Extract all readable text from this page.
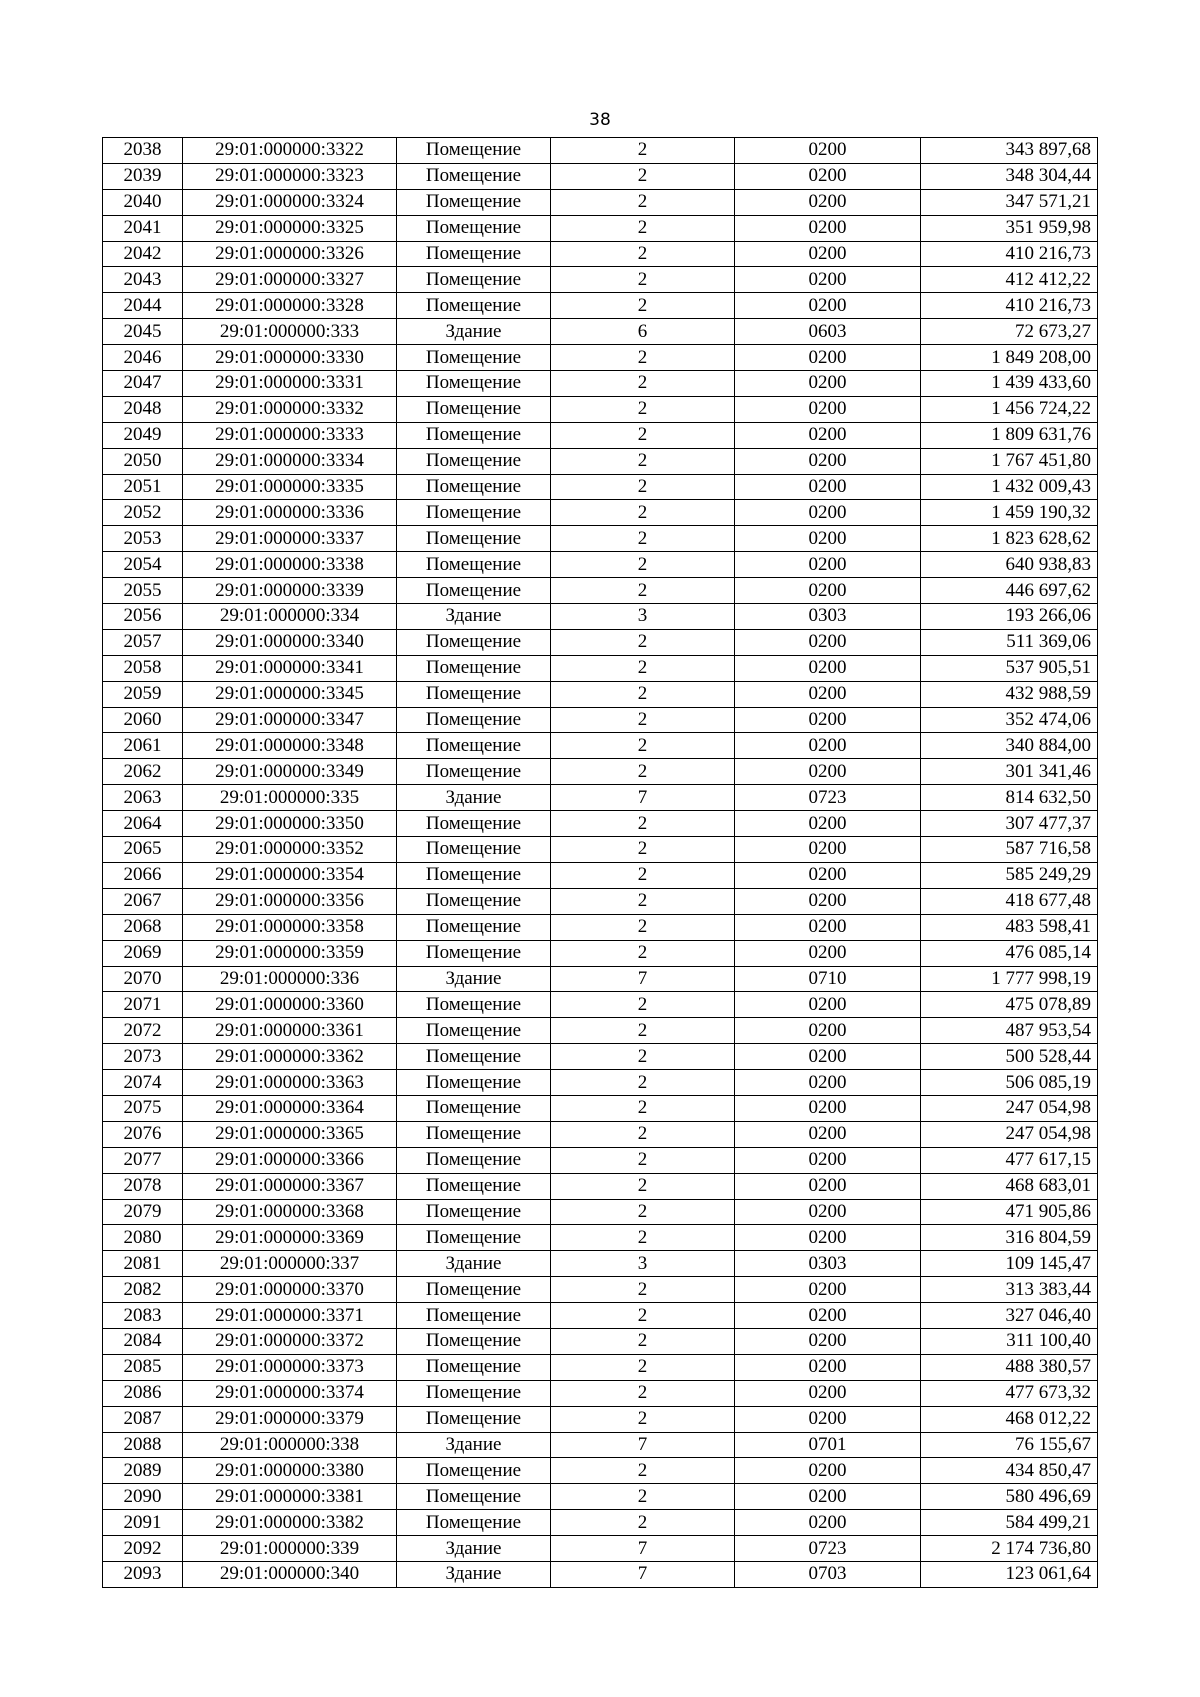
38
2038	29:01:000000:3322	Помещение	2	0200	343 897,68
2039	29:01:000000:3323	Помещение	2	0200	348 304,44
2040	29:01:000000:3324	Помещение	2	0200	347 571,21
2041	29:01:000000:3325	Помещение	2	0200	351 959,98
2042	29:01:000000:3326	Помещение	2	0200	410 216,73
2043	29:01:000000:3327	Помещение	2	0200	412 412,22
2044	29:01:000000:3328	Помещение	2	0200	410 216,73
2045	29:01:000000:333	Здание	6	0603	72 673,27
2046	29:01:000000:3330	Помещение	2	0200	1 849 208,00
2047	29:01:000000:3331	Помещение	2	0200	1 439 433,60
2048	29:01:000000:3332	Помещение	2	0200	1 456 724,22
2049	29:01:000000:3333	Помещение	2	0200	1 809 631,76
2050	29:01:000000:3334	Помещение	2	0200	1 767 451,80
2051	29:01:000000:3335	Помещение	2	0200	1 432 009,43
2052	29:01:000000:3336	Помещение	2	0200	1 459 190,32
2053	29:01:000000:3337	Помещение	2	0200	1 823 628,62
2054	29:01:000000:3338	Помещение	2	0200	640 938,83
2055	29:01:000000:3339	Помещение	2	0200	446 697,62
2056	29:01:000000:334	Здание	3	0303	193 266,06
2057	29:01:000000:3340	Помещение	2	0200	511 369,06
2058	29:01:000000:3341	Помещение	2	0200	537 905,51
2059	29:01:000000:3345	Помещение	2	0200	432 988,59
2060	29:01:000000:3347	Помещение	2	0200	352 474,06
2061	29:01:000000:3348	Помещение	2	0200	340 884,00
2062	29:01:000000:3349	Помещение	2	0200	301 341,46
2063	29:01:000000:335	Здание	7	0723	814 632,50
2064	29:01:000000:3350	Помещение	2	0200	307 477,37
2065	29:01:000000:3352	Помещение	2	0200	587 716,58
2066	29:01:000000:3354	Помещение	2	0200	585 249,29
2067	29:01:000000:3356	Помещение	2	0200	418 677,48
2068	29:01:000000:3358	Помещение	2	0200	483 598,41
2069	29:01:000000:3359	Помещение	2	0200	476 085,14
2070	29:01:000000:336	Здание	7	0710	1 777 998,19
2071	29:01:000000:3360	Помещение	2	0200	475 078,89
2072	29:01:000000:3361	Помещение	2	0200	487 953,54
2073	29:01:000000:3362	Помещение	2	0200	500 528,44
2074	29:01:000000:3363	Помещение	2	0200	506 085,19
2075	29:01:000000:3364	Помещение	2	0200	247 054,98
2076	29:01:000000:3365	Помещение	2	0200	247 054,98
2077	29:01:000000:3366	Помещение	2	0200	477 617,15
2078	29:01:000000:3367	Помещение	2	0200	468 683,01
2079	29:01:000000:3368	Помещение	2	0200	471 905,86
2080	29:01:000000:3369	Помещение	2	0200	316 804,59
2081	29:01:000000:337	Здание	3	0303	109 145,47
2082	29:01:000000:3370	Помещение	2	0200	313 383,44
2083	29:01:000000:3371	Помещение	2	0200	327 046,40
2084	29:01:000000:3372	Помещение	2	0200	311 100,40
2085	29:01:000000:3373	Помещение	2	0200	488 380,57
2086	29:01:000000:3374	Помещение	2	0200	477 673,32
2087	29:01:000000:3379	Помещение	2	0200	468 012,22
2088	29:01:000000:338	Здание	7	0701	76 155,67
2089	29:01:000000:3380	Помещение	2	0200	434 850,47
2090	29:01:000000:3381	Помещение	2	0200	580 496,69
2091	29:01:000000:3382	Помещение	2	0200	584 499,21
2092	29:01:000000:339	Здание	7	0723	2 174 736,80
2093	29:01:000000:340	Здание	7	0703	123 061,64
